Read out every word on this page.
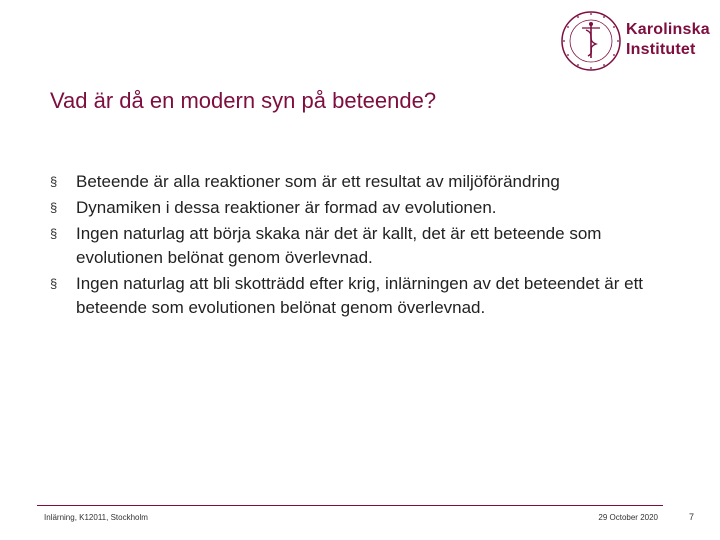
Karolinska
Institutet
Vad är då en modern syn på beteende?
§	Beteende är alla reaktioner som är ett resultat av miljöförändring
§	Dynamiken i dessa reaktioner är formad av evolutionen.
§	Ingen naturlag att börja skaka när det är kallt, det är ett beteende som evolutionen belönat genom överlevnad.
§	Ingen naturlag att bli skotträdd efter krig, inlärningen av det beteendet är ett beteende som evolutionen belönat genom överlevnad.
Inlärning, K12011, Stockholm	29 October 2020	7
